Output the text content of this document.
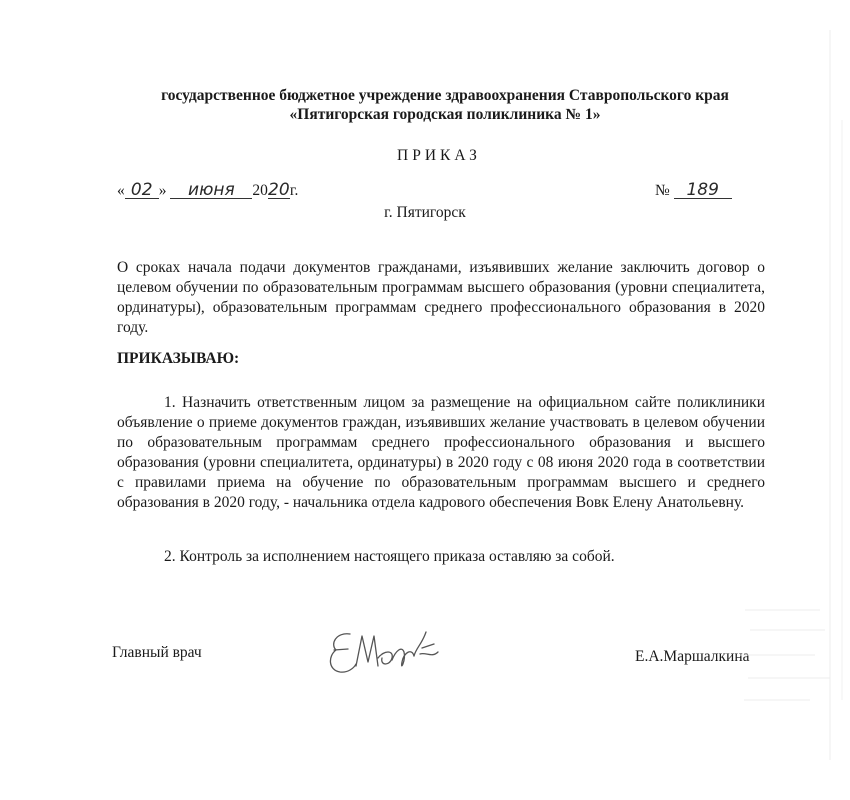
государственное бюджетное учреждение здравоохранения Ставропольского края
«Пятигорская городская поликлиника № 1»
ПРИКАЗ
« 02 » июня 2020г.	№ 189
г. Пятигорск
О сроках начала подачи документов гражданами, изъявивших желание заключить договор о целевом обучении по образовательным программам высшего образования (уровни специалитета, ординатуры), образовательным программам среднего профессионального образования в 2020 году.
ПРИКАЗЫВАЮ:
1. Назначить ответственным лицом за размещение на официальном сайте поликлиники объявление о приеме документов граждан, изъявивших желание участвовать в целевом обучении по образовательным программам среднего профессионального образования и высшего образования (уровни специалитета, ординатуры) в 2020 году с 08 июня 2020 года в соответствии с правилами приема на обучение по образовательным программам высшего и среднего образования в 2020 году, - начальника отдела кадрового обеспечения Вовк Елену Анатольевну.
2. Контроль за исполнением настоящего приказа оставляю за собой.
Главный врач	Е.А.Маршалкина
